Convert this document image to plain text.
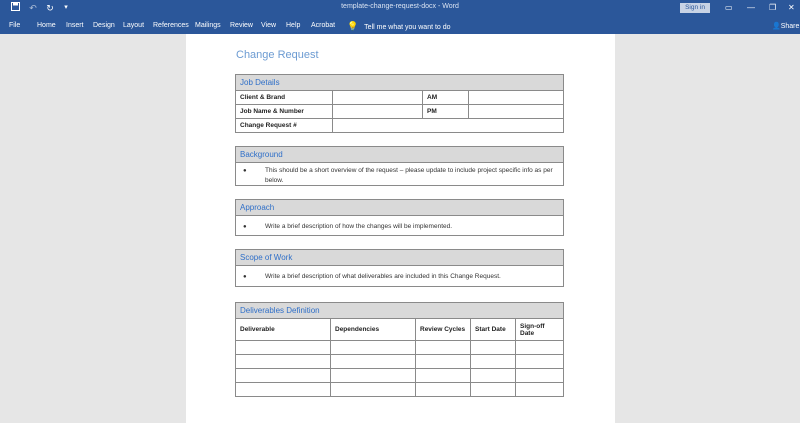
↶ ↻	▾	template-change-request-docx - Word	Sign in	▭ — ❐ ✕
File Home Insert Design Layout References Mailings Review View Help Acrobat 💡 Tell me what you want to do	👤Share
Change Request
Job Details
Client & Brand		AM	
Job Name & Number		PM	
Change Request #			
Background
●	This should be a short overview of the request – please update to include project specific info as per below.
Approach
●	Write a brief description of how the changes will be implemented.
Scope of Work
●	Write a brief description of what deliverables are included in this Change Request.
Deliverables Definition
Deliverable	Dependencies	Review Cycles	Start Date	Sign-off Date
